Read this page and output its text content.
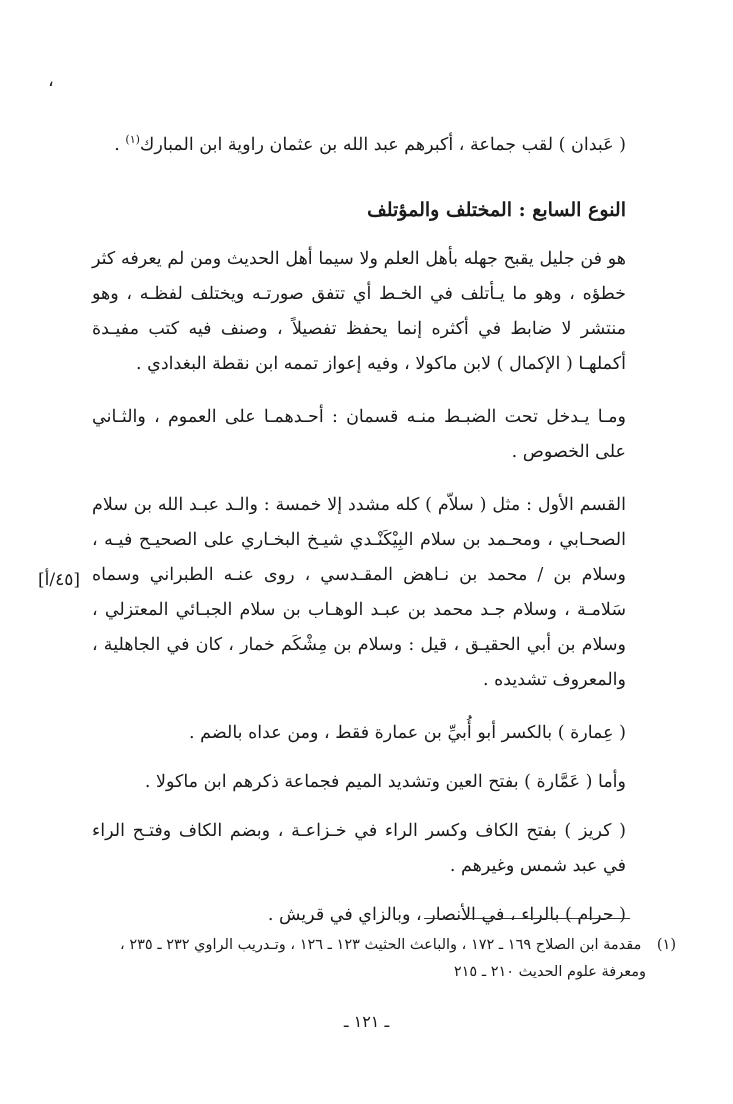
،

( عَبدان ) لقب جماعة ، أكبرهم عبد الله بن عثمان راوية ابن المبارك$^{(١)}$ .

النوع السابع : المختلف والمؤتلف

هو فن جليل يقبح جهله بأهل العلم ولا سيما أهل الحديث ومن لم يعرفه كثر خطؤه ، وهو ما يـأتلف في الخـط أي تتفق صورتـه ويختلف لفظـه ، وهو منتشر لا ضابط في أكثره إنما يحفظ تفصيلاً ، وصنف فيه كتب مفيـدة أكملهـا ( الإكمال ) لابن ماكولا ، وفيه إعواز تممه ابن نقطة البغدادي .

ومـا يـدخل تحت الضبـط منـه قسمان : أحـدهمـا على العموم ، والثـاني على الخصوص .

القسم الأول : مثل ( سلاّم ) كله مشدد إلا خمسة : والـد عبـد الله بن سلام الصحـابي ، ومحـمد بن سلام البِيْكَنْـدي شيـخ البخـاري على الصحيـح فيـه ، وسلام بن / محمد بن نـاهض المقـدسي ، روى عنـه الطبراني وسماه سَلامـة ، وسلام جـد محمد بن عبـد الوهـاب بن سلام الجبـائي المعتزلي ، وسلام بن أبي الحقيـق ، قيل : وسلام بن مِشْكَم خمار ، كان في الجاهلية ، والمعروف تشديده .

( عِمارة ) بالكسر أبو أُبيِّ بن عمارة فقط ، ومن عداه بالضم .

وأما ( عَمَّارة ) بفتح العين وتشديد الميم فجماعة ذكرهم ابن ماكولا .

( كريز ) بفتح الكاف وكسر الراء في خـزاعـة ، وبضم الكاف وفتـح الراء في عبد شمس وغيرهم .

( حرام ) بالراء ، في الأنصار ، وبالزاي في قريش .

[٤٥/أ]
(١) مقدمة ابن الصلاح ١٦٩ ـ ١٧٢ ، والباعث الحثيث ١٢٣ ـ ١٢٦ ، وتـدريب الراوي ٢٣٢ ـ ٢٣٥ ،
ومعرفة علوم الحديث ٢١٠ ـ ٢١٥
ـ ١٢١ ـ
